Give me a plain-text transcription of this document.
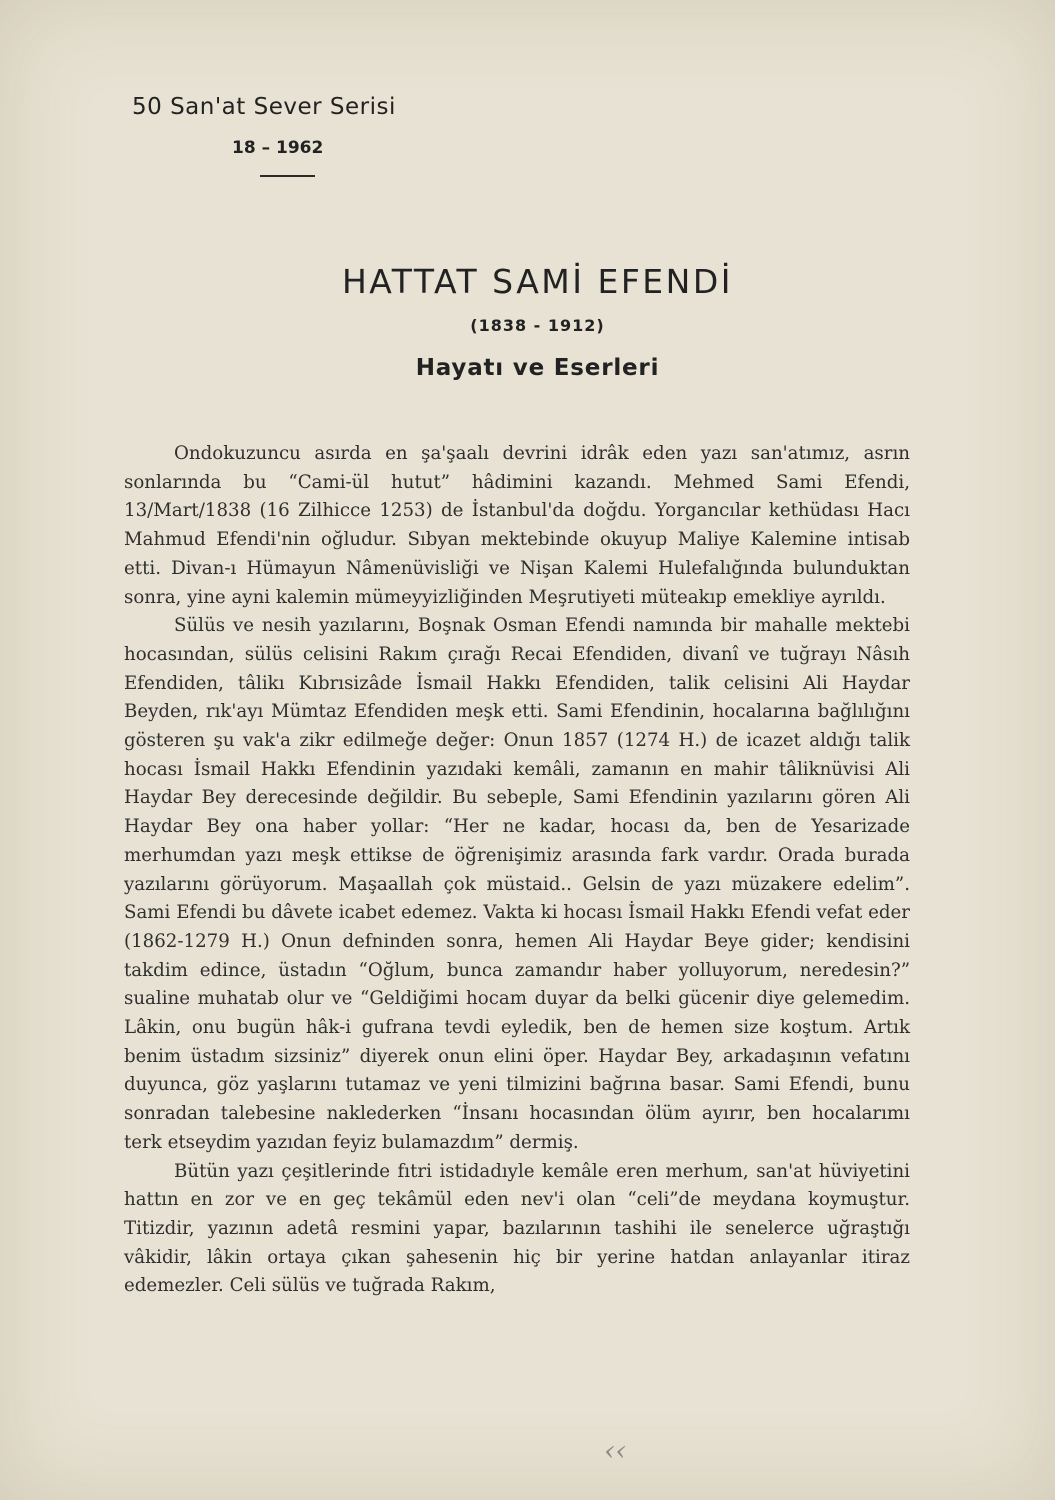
50 San'at Sever Serisi
18 – 1962
HATTAT SAMİ EFENDİ
(1838 - 1912)
Hayatı ve Eserleri

Ondokuzuncu asırda en şa'şaalı devrini idrâk eden yazı san'atımız, asrın sonlarında bu “Cami-ül hutut” hâdimini kazandı. Mehmed Sami Efendi, 13/Mart/1838 (16 Zilhicce 1253) de İstanbul'da doğdu. Yorgancılar kethüdası Hacı Mahmud Efendi'nin oğludur. Sıbyan mektebinde okuyup Maliye Kalemine intisab etti. Divan-ı Hümayun Nâmenüvisliği ve Nişan Kalemi Hulefalığında bulunduktan sonra, yine ayni kalemin mümeyyizliğinden Meşrutiyeti müteakıp emekliye ayrıldı.

Sülüs ve nesih yazılarını, Boşnak Osman Efendi namında bir mahalle mektebi hocasından, sülüs celisini Rakım çırağı Recai Efendiden, divanî ve tuğrayı Nâsıh Efendiden, tâlikı Kıbrısizâde İsmail Hakkı Efendiden, talik celisini Ali Haydar Beyden, rık'ayı Mümtaz Efendiden meşk etti. Sami Efendinin, hocalarına bağlılığını gösteren şu vak'a zikr edilmeğe değer: Onun 1857 (1274 H.) de icazet aldığı talik hocası İsmail Hakkı Efendinin yazıdaki kemâli, zamanın en mahir tâliknüvisi Ali Haydar Bey derecesinde değildir. Bu sebeple, Sami Efendinin yazılarını gören Ali Haydar Bey ona haber yollar: “Her ne kadar, hocası da, ben de Yesarizade merhumdan yazı meşk ettikse de öğrenişimiz arasında fark vardır. Orada burada yazılarını görüyorum. Maşaallah çok müstaid.. Gelsin de yazı müzakere edelim”. Sami Efendi bu dâvete icabet edemez. Vakta ki hocası İsmail Hakkı Efendi vefat eder (1862-1279 H.) Onun defninden sonra, hemen Ali Haydar Beye gider; kendisini takdim edince, üstadın “Oğlum, bunca zamandır haber yolluyorum, neredesin?” sualine muhatab olur ve “Geldiğimi hocam duyar da belki gücenir diye gelemedim. Lâkin, onu bugün hâk-i gufrana tevdi eyledik, ben de hemen size koştum. Artık benim üstadım sizsiniz” diyerek onun elini öper. Haydar Bey, arkadaşının vefatını duyunca, göz yaşlarını tutamaz ve yeni tilmizini bağrına basar. Sami Efendi, bunu sonradan talebesine naklederken “İnsanı hocasından ölüm ayırır, ben hocalarımı terk etseydim yazıdan feyiz bulamazdım” dermiş.

Bütün yazı çeşitlerinde fıtri istidadıyle kemâle eren merhum, san'at hüviyetini hattın en zor ve en geç tekâmül eden nev'i olan “celi”de meydana koymuştur. Titizdir, yazının adetâ resmini yapar, bazılarının tashihi ile senelerce uğraştığı vâkidir, lâkin ortaya çıkan şahesenin hiç bir yerine hatdan anlayanlar itiraz edemezler. Celi sülüs ve tuğrada Rakım,

‹‹
